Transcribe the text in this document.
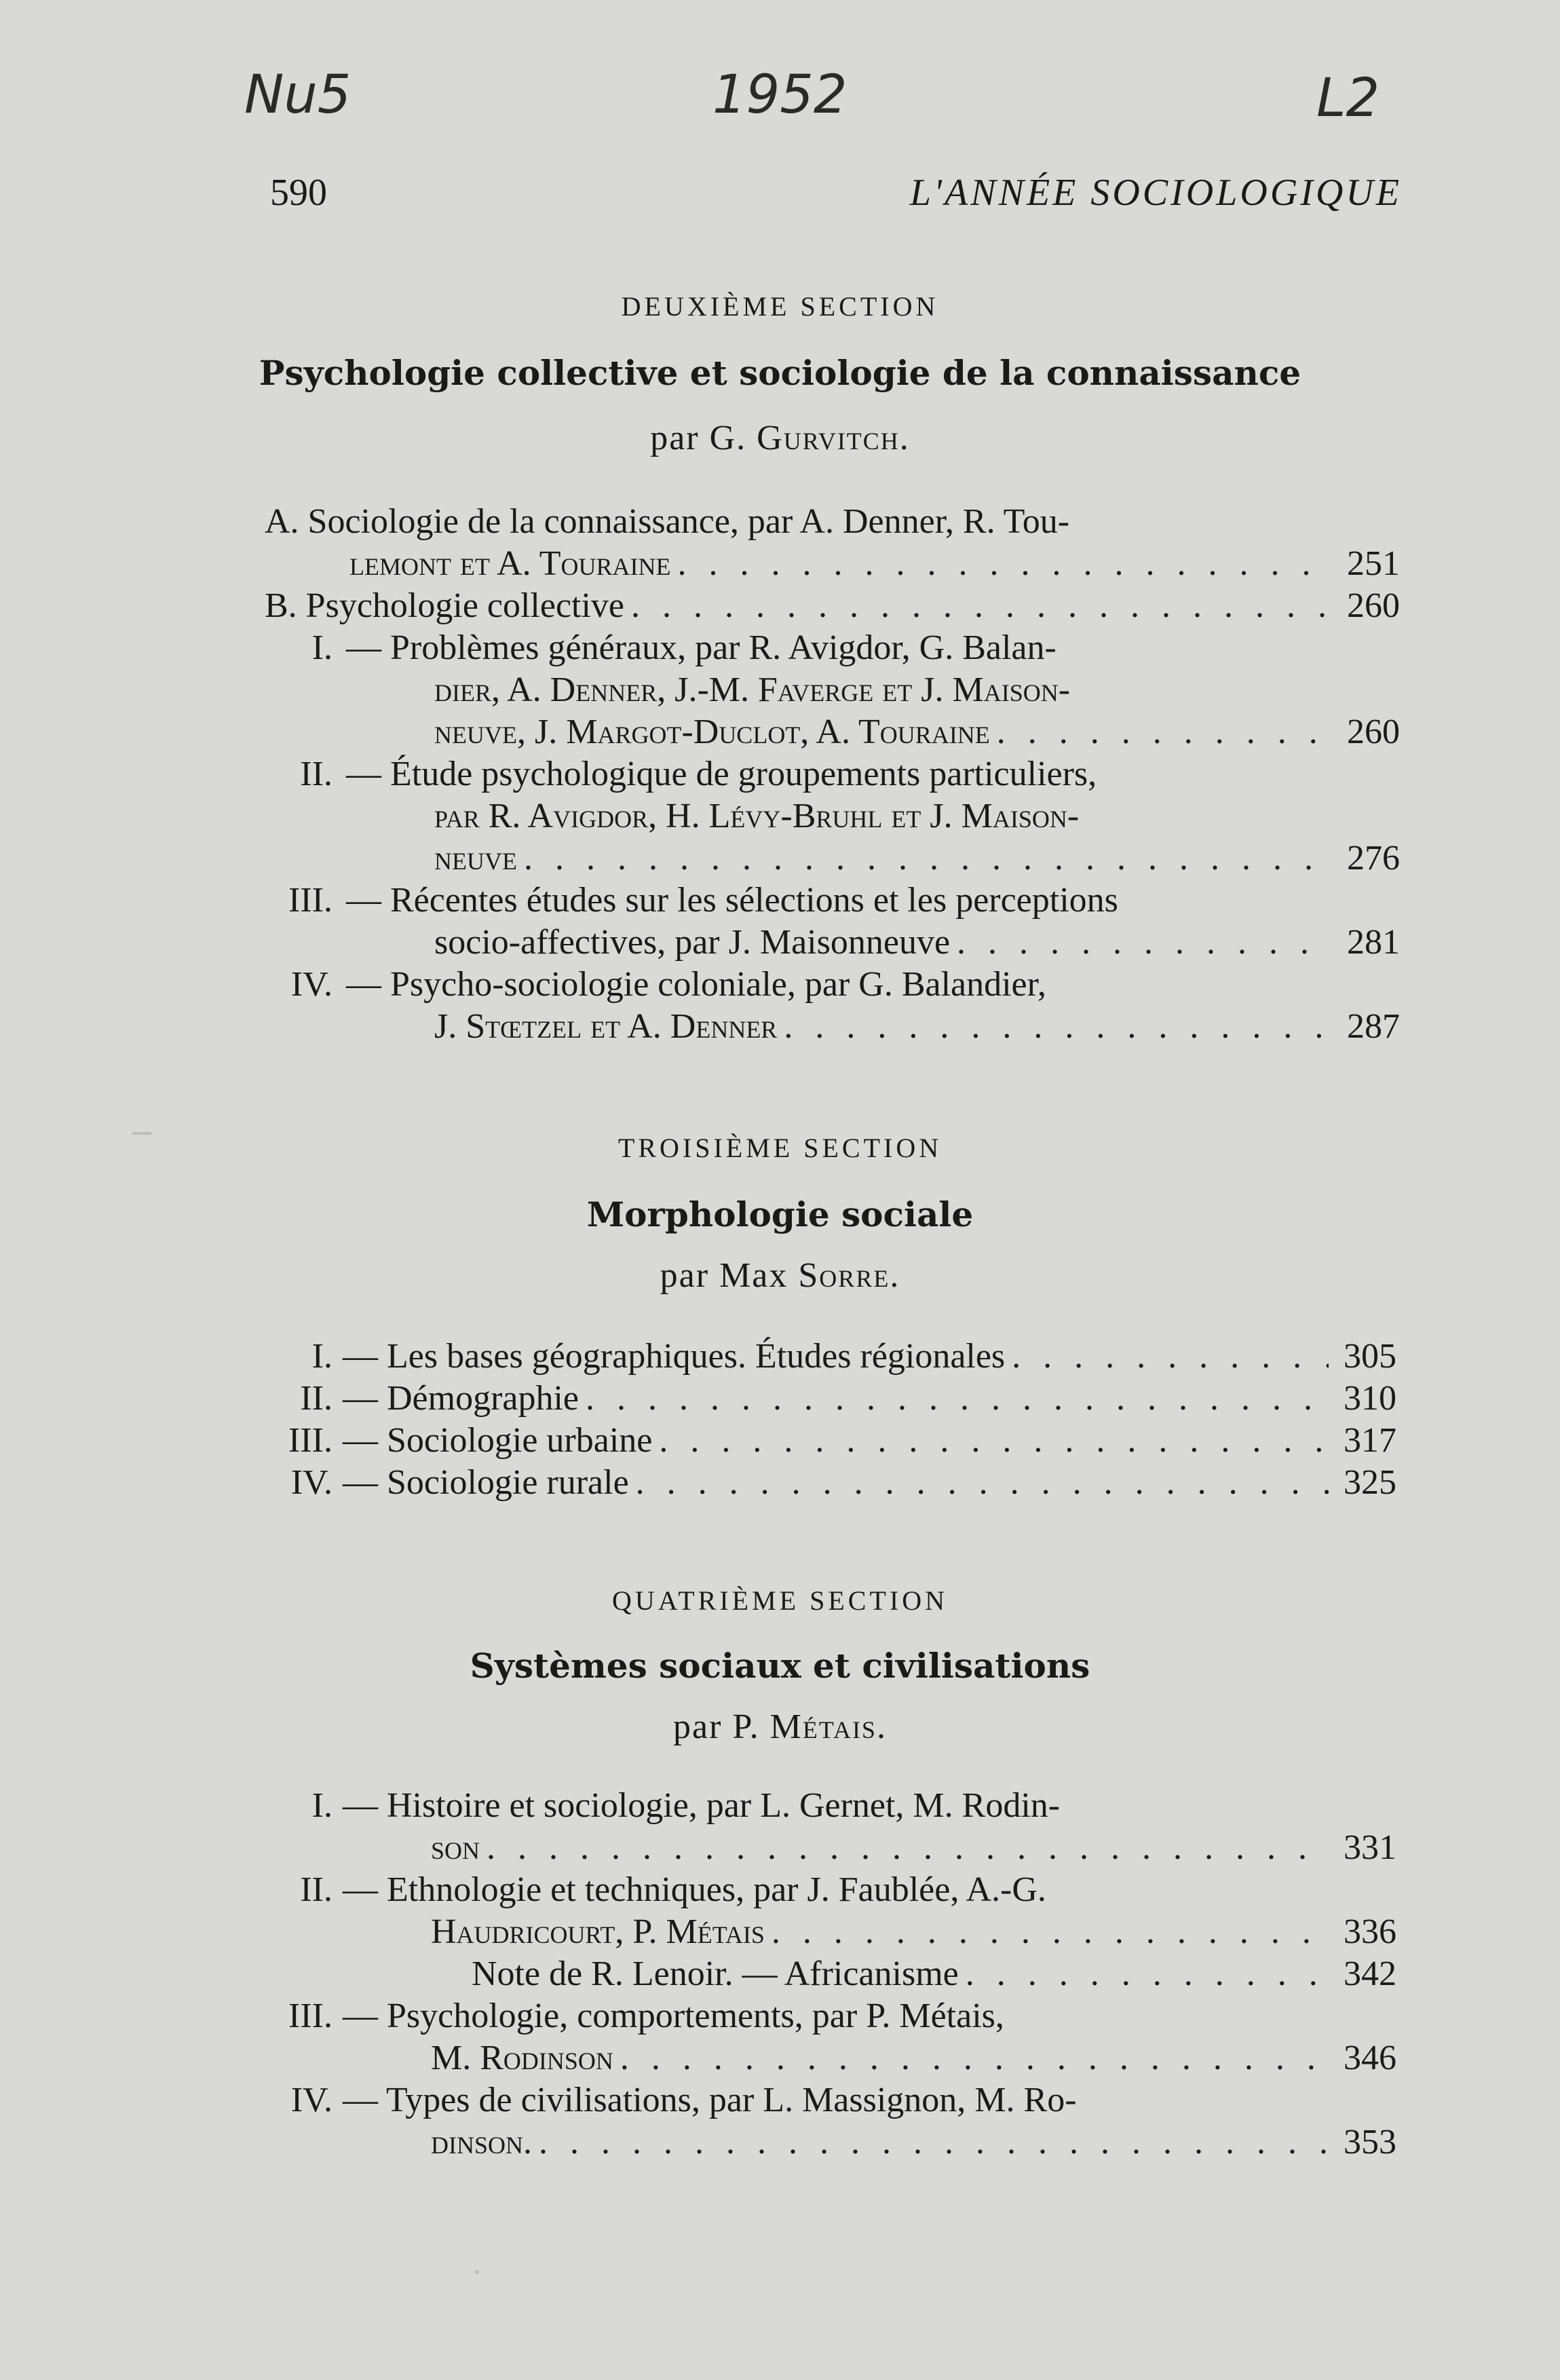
Nu5	1952	L2
590	L'ANNÉE SOCIOLOGIQUE
DEUXIÈME SECTION
Psychologie collective et sociologie de la connaissance
par G. Gurvitch.
A. Sociologie de la connaissance, par A. Denner, R. Tou-
lemont et A. Touraine . . .	251
B. Psychologie collective . . .	260
I. — Problèmes généraux, par R. Avigdor, G. Balan-
dier, A. Denner, J.-M. Faverge et J. Maison-
neuve, J. Margot-Duclot, A. Touraine . . .	260
II. — Étude psychologique de groupements particuliers,
par R. Avigdor, H. Lévy-Bruhl et J. Maison-
neuve . . .	276
III. — Récentes études sur les sélections et les perceptions
socio-affectives, par J. Maisonneuve . . .	281
IV. — Psycho-sociologie coloniale, par G. Balandier,
J. Stœtzel et A. Denner . . .	287
TROISIÈME SECTION
Morphologie sociale
par Max Sorre.
I. — Les bases géographiques. Études régionales . . .	305
II. — Démographie . . .	310
III. — Sociologie urbaine . . .	317
IV. — Sociologie rurale . . .	325
QUATRIÈME SECTION
Systèmes sociaux et civilisations
par P. Métais.
I. — Histoire et sociologie, par L. Gernet, M. Rodin-
son . . .	331
II. — Ethnologie et techniques, par J. Faublée, A.-G.
Haudricourt, P. Métais . . .	336
Note de R. Lenoir. — Africanisme . . .	342
III. — Psychologie, comportements, par P. Métais,
M. Rodinson . . .	346
IV. — Types de civilisations, par L. Massignon, M. Ro-
dinson. . . .	353
